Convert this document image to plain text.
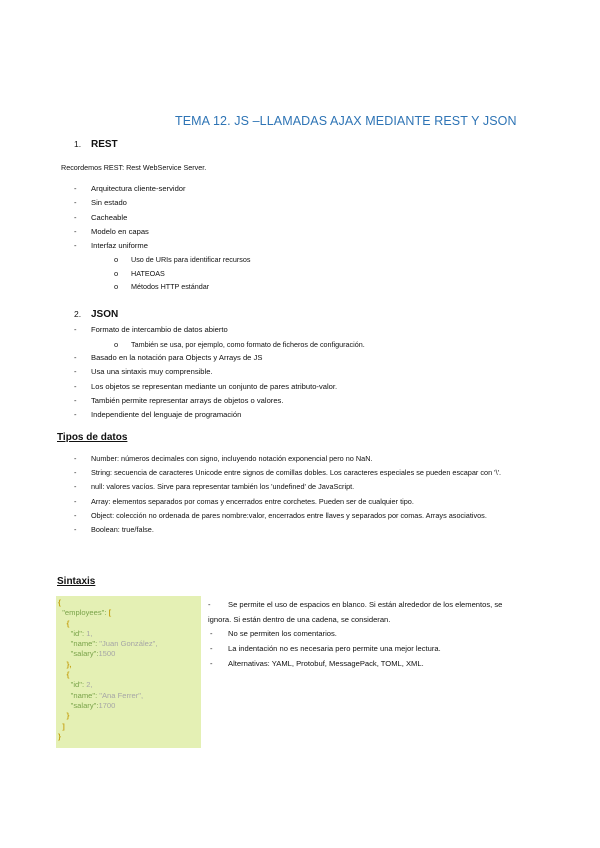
TEMA 12. JS –LLAMADAS AJAX MEDIANTE REST Y JSON
1. REST
Recordemos REST: Rest WebService Server.
- Arquitectura cliente-servidor
- Sin estado
- Cacheable
- Modelo en capas
- Interfaz uniforme
o Uso de URIs para identificar recursos
o HATEOAS
o Métodos HTTP estándar
2. JSON
- Formato de intercambio de datos abierto
o También se usa, por ejemplo, como formato de ficheros de configuración.
- Basado en la notación para Objects y Arrays de JS
- Usa una sintaxis muy comprensible.
- Los objetos se representan mediante un conjunto de pares atributo-valor.
- También permite representar arrays de objetos o valores.
- Independiente del lenguaje de programación
Tipos de datos
- Number: números decimales con signo, incluyendo notación exponencial pero no NaN.
- String: secuencia de caracteres Unicode entre signos de comillas dobles. Los caracteres especiales se pueden escapar con '\'.
- null: valores vacíos. Sirve para representar también los 'undefined' de JavaScript.
- Array: elementos separados por comas y encerrados entre corchetes. Pueden ser de cualquier tipo.
- Object: colección no ordenada de pares nombre:valor, encerrados entre llaves y separados por comas. Arrays asociativos.
- Boolean: true/false.
Sintaxis
{
"employees": [
{
"id": 1,
"name": "Juan González",
"salary":1500
},
{
"id": 2,
"name": "Ana Ferrer",
"salary":1700
}
]
}
- Se permite el uso de espacios en blanco. Si están alrededor de los elementos, se ignora. Si están dentro de una cadena, se consideran.
- No se permiten los comentarios.
- La indentación no es necesaria pero permite una mejor lectura.
- Alternativas: YAML, Protobuf, MessagePack, TOML, XML.
